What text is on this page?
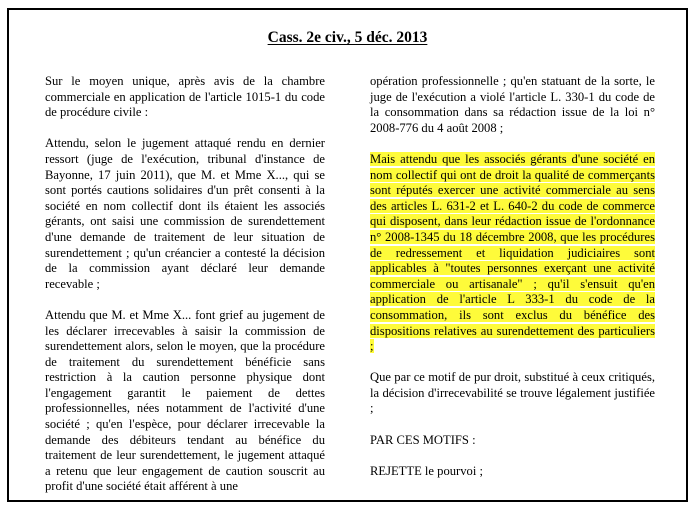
Cass. 2e civ., 5 déc. 2013

Sur le moyen unique, après avis de la chambre commerciale en application de l'article 1015-1 du code de procédure civile :

Attendu, selon le jugement attaqué rendu en dernier ressort (juge de l'exécution, tribunal d'instance de Bayonne, 17 juin 2011), que M. et Mme X..., qui se sont portés cautions solidaires d'un prêt consenti à la société en nom collectif dont ils étaient les associés gérants, ont saisi une commission de surendettement d'une demande de traitement de leur situation de surendettement ; qu'un créancier a contesté la décision de la commission ayant déclaré leur demande recevable ;

Attendu que M. et Mme X... font grief au jugement de les déclarer irrecevables à saisir la commission de surendettement alors, selon le moyen, que la procédure de traitement du surendettement bénéficie sans restriction à la caution personne physique dont l'engagement garantit le paiement de dettes professionnelles, nées notamment de l'activité d'une société ; qu'en l'espèce, pour déclarer irrecevable la demande des débiteurs tendant au bénéfice du traitement de leur surendettement, le jugement attaqué a retenu que leur engagement de caution souscrit au profit d'une société était afférent à une

opération professionnelle ; qu'en statuant de la sorte, le juge de l'exécution a violé l'article L. 330-1 du code de la consommation dans sa rédaction issue de la loi n° 2008-776 du 4 août 2008 ;

Mais attendu que les associés gérants d'une société en nom collectif qui ont de droit la qualité de commerçants sont réputés exercer une activité commerciale au sens des articles L. 631-2 et L. 640-2 du code de commerce qui disposent, dans leur rédaction issue de l'ordonnance n° 2008-1345 du 18 décembre 2008, que les procédures de redressement et liquidation judiciaires sont applicables à "toutes personnes exerçant une activité commerciale ou artisanale" ; qu'il s'ensuit qu'en application de l'article L 333-1 du code de la consommation, ils sont exclus du bénéfice des dispositions relatives au surendettement des particuliers ;

Que par ce motif de pur droit, substitué à ceux critiqués, la décision d'irrecevabilité se trouve légalement justifiée ;

PAR CES MOTIFS :

REJETTE le pourvoi ;
